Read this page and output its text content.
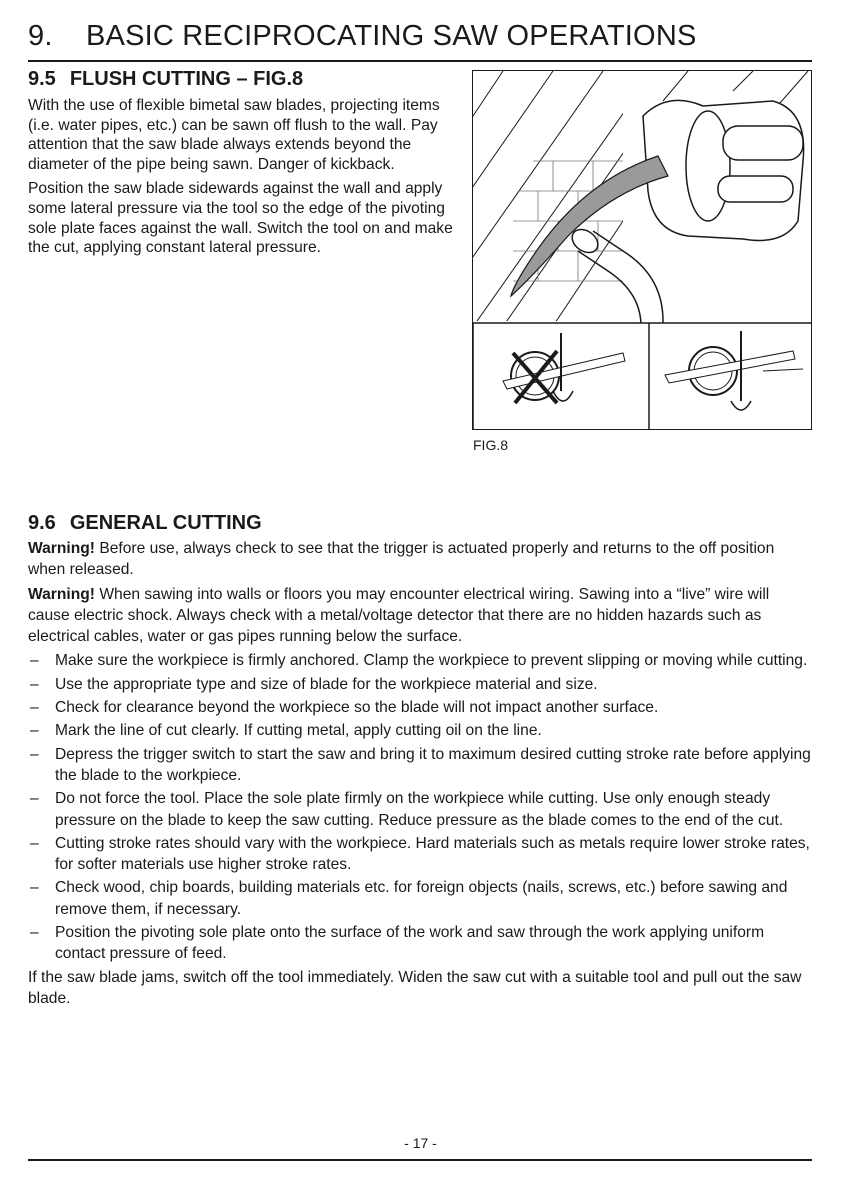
9. BASIC RECIPROCATING SAW OPERATIONS
9.5 FLUSH CUTTING – FIG.8

With the use of flexible bimetal saw blades, projecting items (i.e. water pipes, etc.) can be sawn off flush to the wall. Pay attention that the saw blade always extends beyond the diameter of the pipe being sawn. Danger of kickback.

Position the saw blade sidewards against the wall and apply some lateral pressure via the tool so the edge of the pivoting sole plate faces against the wall. Switch the tool on and make the cut, applying constant lateral pressure.

FIG.8

9.6 GENERAL CUTTING

Warning! Before use, always check to see that the trigger is actuated properly and returns to the off position when released.

Warning! When sawing into walls or floors you may encounter electrical wiring. Sawing into a “live” wire will cause electric shock. Always check with a metal/voltage detector that there are no hidden hazards such as electrical cables, water or gas pipes running below the surface.

– Make sure the workpiece is firmly anchored. Clamp the workpiece to prevent slipping or moving while cutting.
– Use the appropriate type and size of blade for the workpiece material and size.
– Check for clearance beyond the workpiece so the blade will not impact another surface.
– Mark the line of cut clearly. If cutting metal, apply cutting oil on the line.
– Depress the trigger switch to start the saw and bring it to maximum desired cutting stroke rate before applying the blade to the workpiece.
– Do not force the tool. Place the sole plate firmly on the workpiece while cutting. Use only enough steady pressure on the blade to keep the saw cutting. Reduce pressure as the blade comes to the end of the cut.
– Cutting stroke rates should vary with the workpiece. Hard materials such as metals require lower stroke rates, for softer materials use higher stroke rates.
– Check wood, chip boards, building materials etc. for foreign objects (nails, screws, etc.) before sawing and remove them, if necessary.
– Position the pivoting sole plate onto the surface of the work and saw through the work applying uniform contact pressure of feed.

If the saw blade jams, switch off the tool immediately. Widen the saw cut with a suitable tool and pull out the saw blade.

- 17 -
